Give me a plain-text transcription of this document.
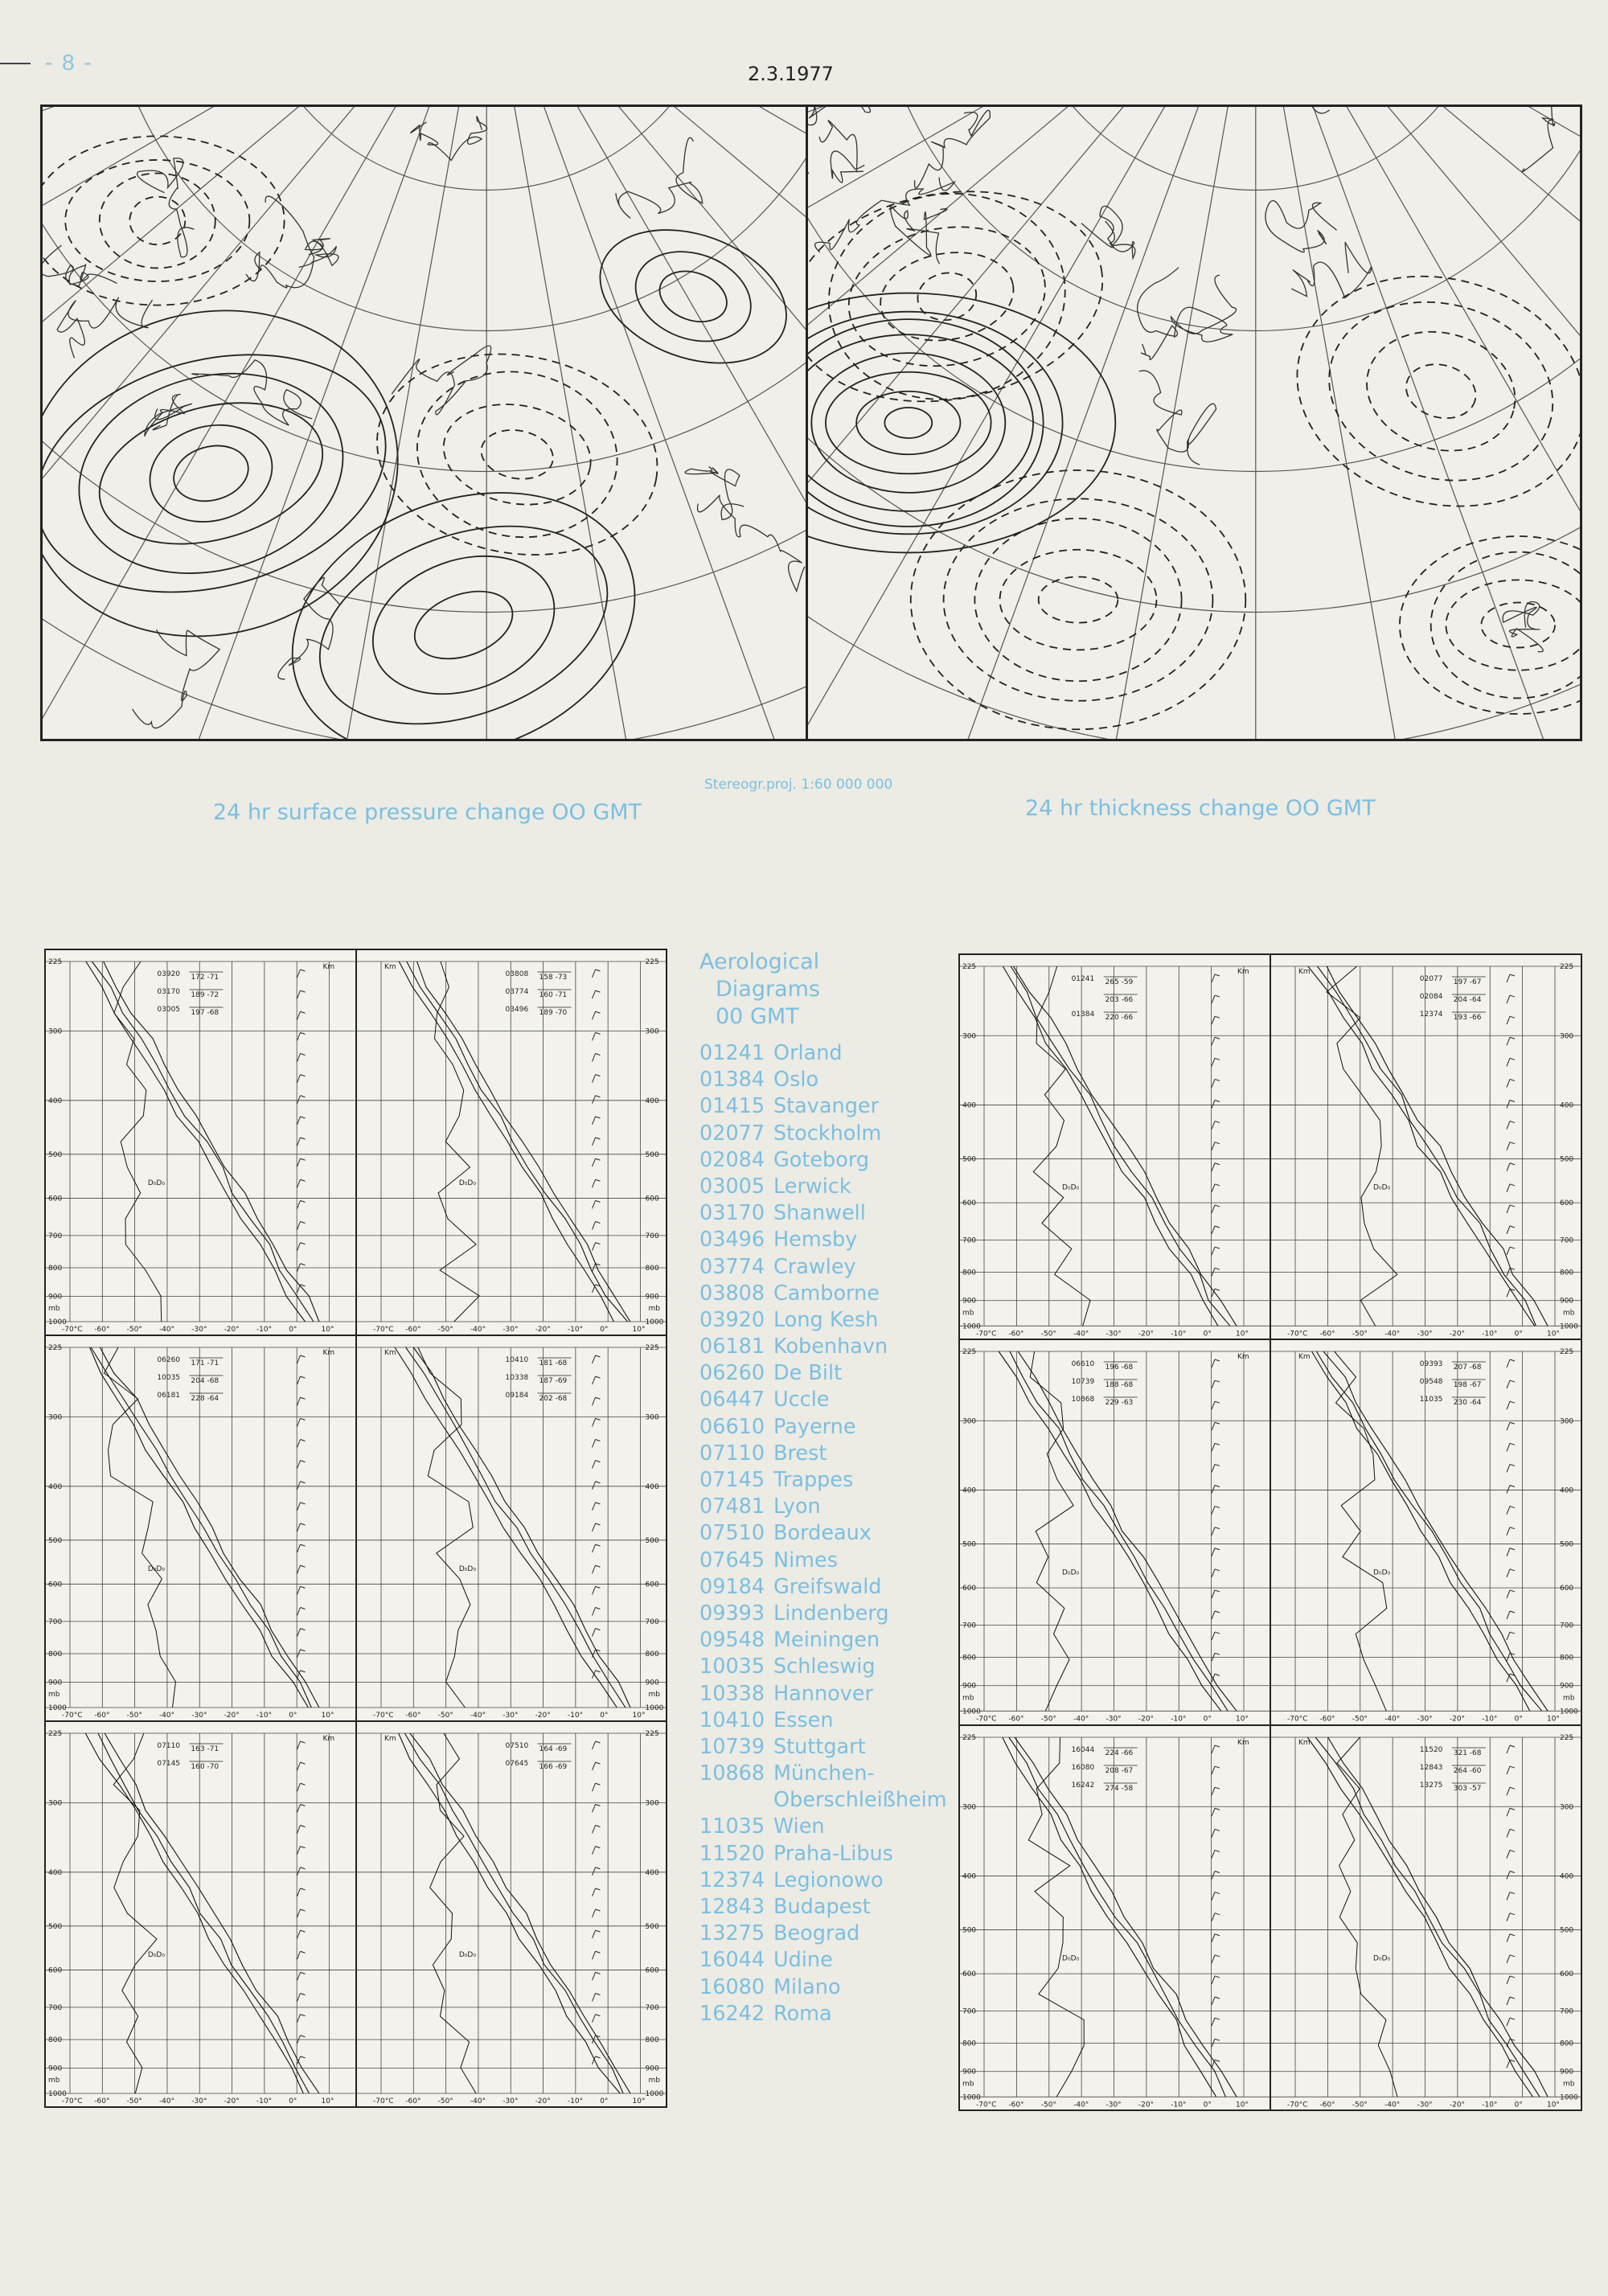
- 8 -	2.3.1977
Stereogr.proj. 1:60 000 000
24 hr surface pressure change OO GMT	24 hr thickness change OO GMT
225
300
400
500
600
700
800
900
1000
-70°C -60° -50° -40° -30° -20° -10° 0°	10°
Km
03920 172 -71
03170 189 -72
03005 197 -68
D₀D₀
mb
225
300
400
500
600
700
800
900
1000
-70°C -60° -50° -40° -30° -20° -10° 0°	10°
Km
03808 158 -73
03774 160 -71
03496 189 -70
D₀D₀
mb
225
300
400
500
600
700
800
900
1000
-70°C -60° -50° -40° -30° -20° -10° 0°	10°
Km
06260 171 -71
10035 204 -68
06181 228 -64
D₀D₀
mb
225
300
400
500
600
700
800
900
1000
-70°C -60° -50° -40° -30° -20° -10° 0°	10°
Km
10410 181 -68
10338 187 -69
09184 202 -68
D₀D₀
mb
225
300
400
500
600
700
800
900
1000
-70°C -60° -50° -40° -30° -20° -10° 0°	10°
Km
07110 163 -71
07145 160 -70
D₀D₀
mb
225
300
400
500
600
700
800
900
1000
-70°C -60° -50° -40° -30° -20° -10° 0°	10°
Km
07510 164 -69
07645 166 -69
D₀D₀
mb
Aerological
Diagrams
00 GMT
01241 Orland
01384 Oslo
01415 Stavanger
02077 Stockholm
02084 Goteborg
03005 Lerwick
03170 Shanwell
03496 Hemsby
03774 Crawley
03808 Camborne
03920 Long Kesh
06181 Kobenhavn
06260 De Bilt
06447 Uccle
06610 Payerne
07110 Brest
07145 Trappes
07481 Lyon
07510 Bordeaux
07645 Nimes
09184 Greifswald
09393 Lindenberg
09548 Meiningen
10035 Schleswig
10338 Hannover
10410 Essen
10739 Stuttgart
10868 München-
Oberschleißheim
11035 Wien
11520 Praha-Libus
12374 Legionowo
12843 Budapest
13275 Beograd
16044 Udine
16080 Milano
16242 Roma
225
300
400
500
600
700
800
900
1000
-70°C -60° -50° -40° -30° -20° -10° 0°	10°
Km
01241 265 -59
203 -66
01384 220 -66
D₀D₀
mb
225
300
400
500
600
700
800
900
1000
-70°C -60° -50° -40° -30° -20° -10° 0°	10°
Km
02077 197 -67
02084 204 -64
12374 193 -66
D₀D₀
mb
225
300
400
500
600
700
800
900
1000
-70°C -60° -50° -40° -30° -20° -10° 0°	10°
Km
06610 196 -68
10739 188 -68
10868 229 -63
D₀D₀
mb
225
300
400
500
600
700
800
900
1000
-70°C -60° -50° -40° -30° -20° -10° 0°	10°
Km
09393 207 -68
09548 198 -67
11035 230 -64
D₀D₀
mb
225
300
400
500
600
700
800
900
1000
-70°C -60° -50° -40° -30° -20° -10° 0°	10°
Km
16044 224 -66
16080 208 -67
16242 274 -58
D₀D₀
mb
225
300
400
500
600
700
800
900
1000
-70°C -60° -50° -40° -30° -20° -10° 0°	10°
Km
11520 321 -68
12843 264 -60
13275 303 -57
D₀D₀
mb
